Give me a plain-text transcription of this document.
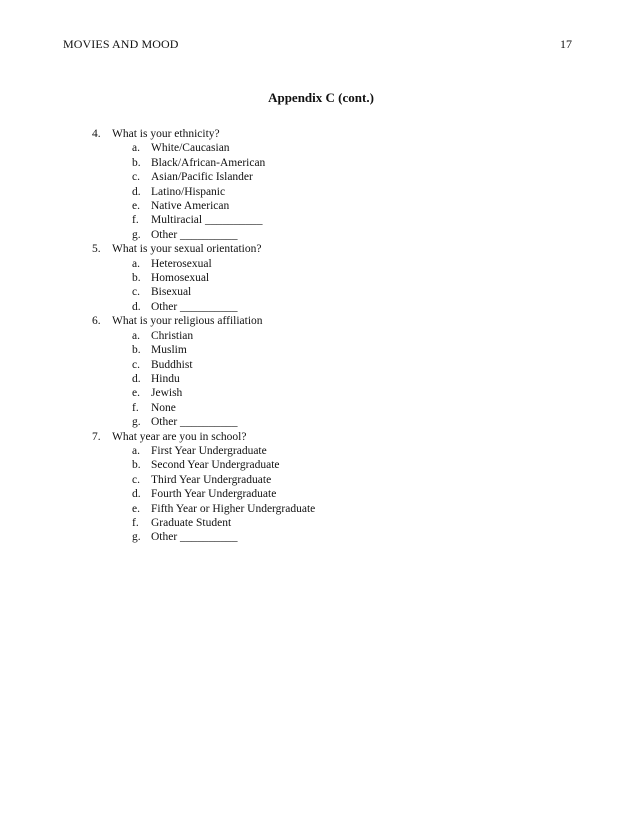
MOVIES AND MOOD	17
Appendix C (cont.)
4. What is your ethnicity?
a. White/Caucasian
b. Black/African-American
c. Asian/Pacific Islander
d. Latino/Hispanic
e. Native American
f.	Multiracial __________
g. Other __________
5. What is your sexual orientation?
a. Heterosexual
b. Homosexual
c. Bisexual
d. Other __________
6. What is your religious affiliation
a. Christian
b. Muslim
c. Buddhist
d. Hindu
e. Jewish
f.	None
g. Other __________
7. What year are you in school?
a. First Year Undergraduate
b. Second Year Undergraduate
c. Third Year Undergraduate
d. Fourth Year Undergraduate
e. Fifth Year or Higher Undergraduate
f.	Graduate Student
g. Other __________
